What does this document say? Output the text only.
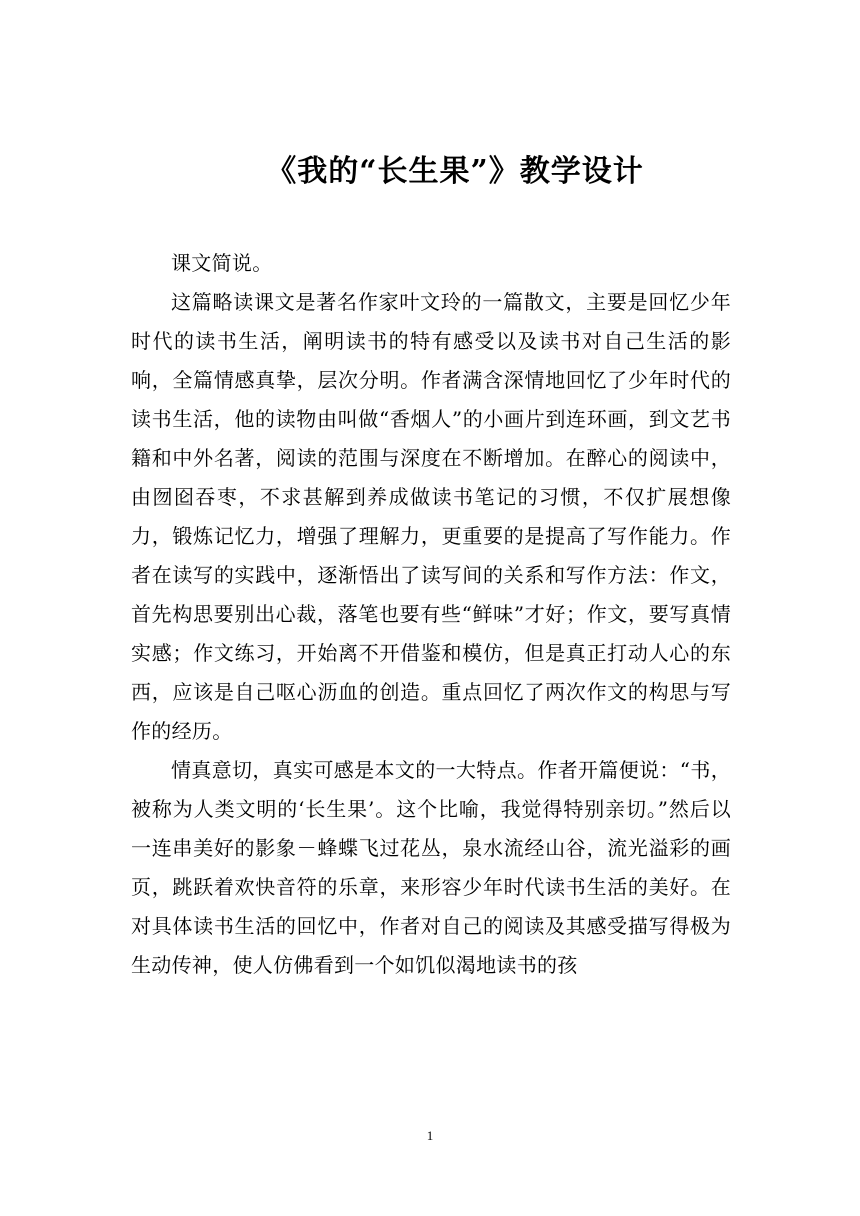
《我的“长生果”》教学设计

课文简说。

这篇略读课文是著名作家叶文玲的一篇散文，主要是回忆少年时代的读书生活，阐明读书的特有感受以及读书对自己生活的影响，全篇情感真挚，层次分明。作者满含深情地回忆了少年时代的读书生活，他的读物由叫做“香烟人”的小画片到连环画，到文艺书籍和中外名著，阅读的范围与深度在不断增加。在醉心的阅读中，由囫囵吞枣，不求甚解到养成做读书笔记的习惯，不仅扩展想像力，锻炼记忆力，增强了理解力，更重要的是提高了写作能力。作者在读写的实践中，逐渐悟出了读写间的关系和写作方法：作文，首先构思要别出心裁，落笔也要有些“鲜味”才好；作文，要写真情实感；作文练习，开始离不开借鉴和模仿，但是真正打动人心的东西，应该是自己呕心沥血的创造。重点回忆了两次作文的构思与写作的经历。

情真意切，真实可感是本文的一大特点。作者开篇便说：“书，被称为人类文明的‘长生果’。这个比喻，我觉得特别亲切。”然后以一连串美好的影象－蜂蝶飞过花丛，泉水流经山谷，流光溢彩的画页，跳跃着欢快音符的乐章，来形容少年时代读书生活的美好。在对具体读书生活的回忆中，作者对自己的阅读及其感受描写得极为生动传神，使人仿佛看到一个如饥似渴地读书的孩

1
